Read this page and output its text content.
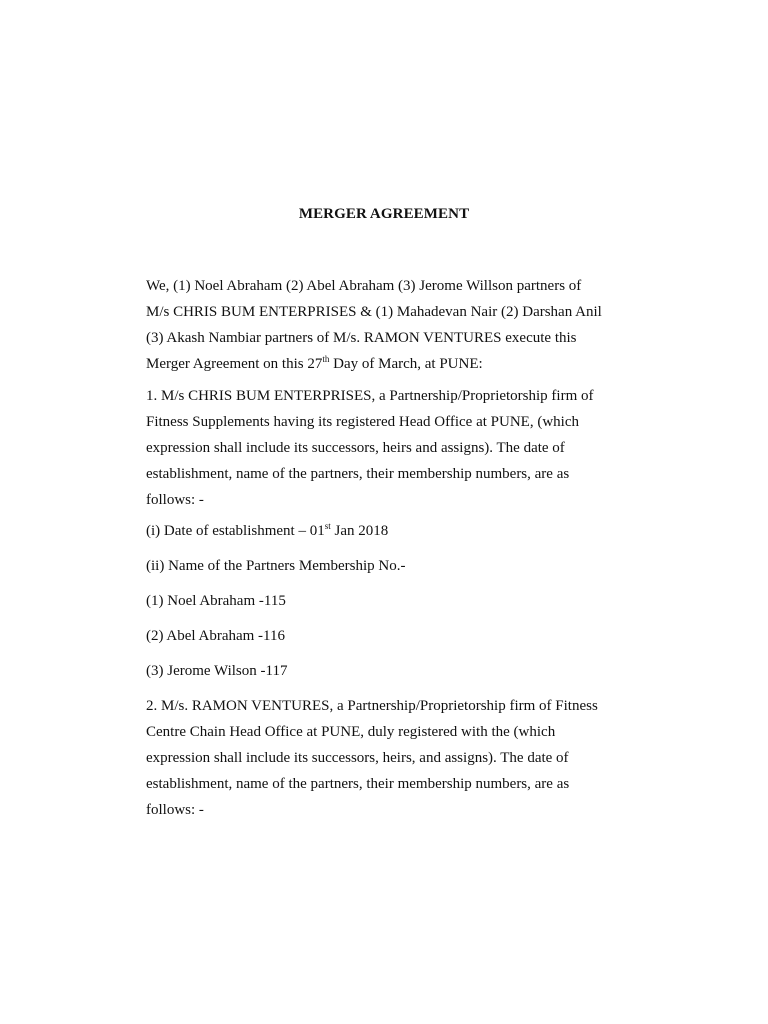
MERGER AGREEMENT
We, (1) Noel Abraham (2) Abel Abraham (3) Jerome Willson partners of
M/s CHRIS BUM ENTERPRISES & (1) Mahadevan Nair (2) Darshan Anil
(3) Akash Nambiar partners of M/s. RAMON VENTURES execute this
Merger Agreement on this 27th Day of March, at PUNE:
1. M/s CHRIS BUM ENTERPRISES, a Partnership/Proprietorship firm of
Fitness Supplements having its registered Head Office at PUNE, (which
expression shall include its successors, heirs and assigns). The date of
establishment, name of the partners, their membership numbers, are as
follows: -
(i) Date of establishment – 01st Jan 2018
(ii) Name of the Partners Membership No.-
(1) Noel Abraham -115
(2) Abel Abraham -116
(3) Jerome Wilson -117
2. M/s. RAMON VENTURES, a Partnership/Proprietorship firm of Fitness
Centre Chain Head Office at PUNE, duly registered with the (which
expression shall include its successors, heirs, and assigns). The date of
establishment, name of the partners, their membership numbers, are as
follows: -
